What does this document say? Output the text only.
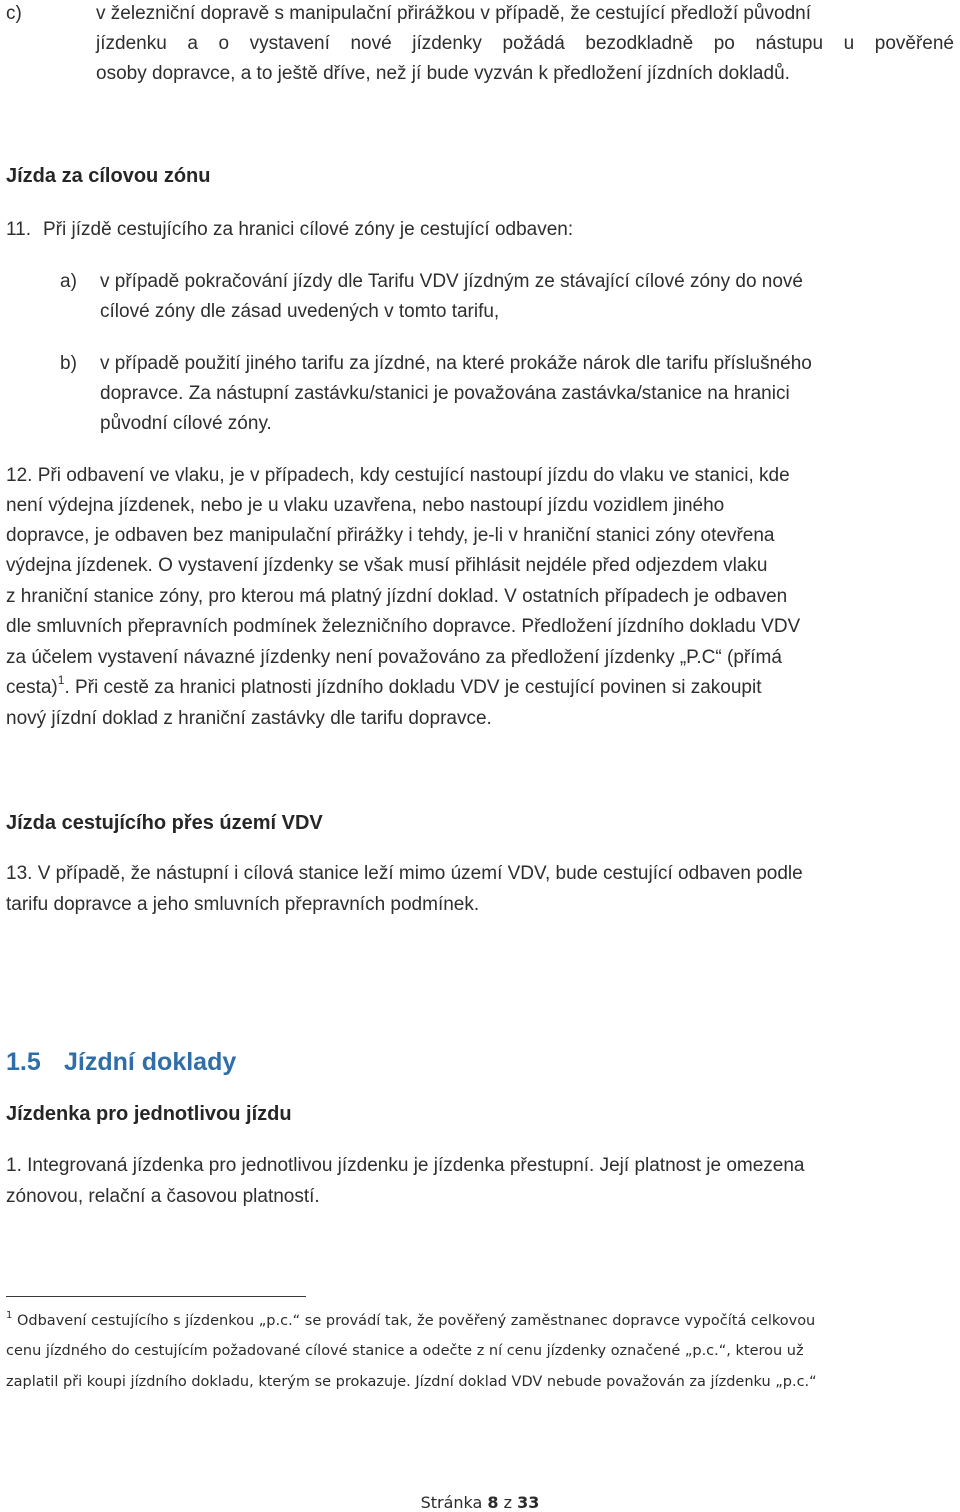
c)	v železniční dopravě s manipulační přirážkou v případě, že cestující předloží původní
jízdenku a o vystavení nové jízdenky požádá bezodkladně po nástupu u pověřené
osoby dopravce, a to ještě dříve, než jí bude vyzván k předložení jízdních dokladů.
Jízda za cílovou zónu
11. Při jízdě cestujícího za hranici cílové zóny je cestující odbaven:
a) v případě pokračování jízdy dle Tarifu VDV jízdným ze stávající cílové zóny do nové
cílové zóny dle zásad uvedených v tomto tarifu,
b) v případě použití jiného tarifu za jízdné, na které prokáže nárok dle tarifu příslušného
dopravce. Za nástupní zastávku/stanici je považována zastávka/stanice na hranici
původní cílové zóny.
12. Při odbavení ve vlaku, je v případech, kdy cestující nastoupí jízdu do vlaku ve stanici, kde
není výdejna jízdenek, nebo je u vlaku uzavřena, nebo nastoupí jízdu vozidlem jiného
dopravce, je odbaven bez manipulační přirážky i tehdy, je-li v hraniční stanici zóny otevřena
výdejna jízdenek. O vystavení jízdenky se však musí přihlásit nejdéle před odjezdem vlaku
z hraniční stanice zóny, pro kterou má platný jízdní doklad. V ostatních případech je odbaven
dle smluvních přepravních podmínek železničního dopravce. Předložení jízdního dokladu VDV
za účelem vystavení návazné jízdenky není považováno za předložení jízdenky „P.C“ (přímá
cesta)$^1$. Při cestě za hranici platnosti jízdního dokladu VDV je cestující povinen si zakoupit
nový jízdní doklad z hraniční zastávky dle tarifu dopravce.
Jízda cestujícího přes území VDV
13. V případě, že nástupní i cílová stanice leží mimo území VDV, bude cestující odbaven podle
tarifu dopravce a jeho smluvních přepravních podmínek.
1.5 Jízdní doklady
Jízdenka pro jednotlivou jízdu
1. Integrovaná jízdenka pro jednotlivou jízdenku je jízdenka přestupní. Její platnost je omezena
zónovou, relační a časovou platností.
$^1$ Odbavení cestujícího s jízdenkou „p.c.“ se provádí tak, že pověřený zaměstnanec dopravce vypočítá celkovou
cenu jízdného do cestujícím požadované cílové stanice a odečte z ní cenu jízdenky označené „p.c.“, kterou už
zaplatil při koupi jízdního dokladu, kterým se prokazuje. Jízdní doklad VDV nebude považován za jízdenku „p.c.“
Stránka 8 z 33
